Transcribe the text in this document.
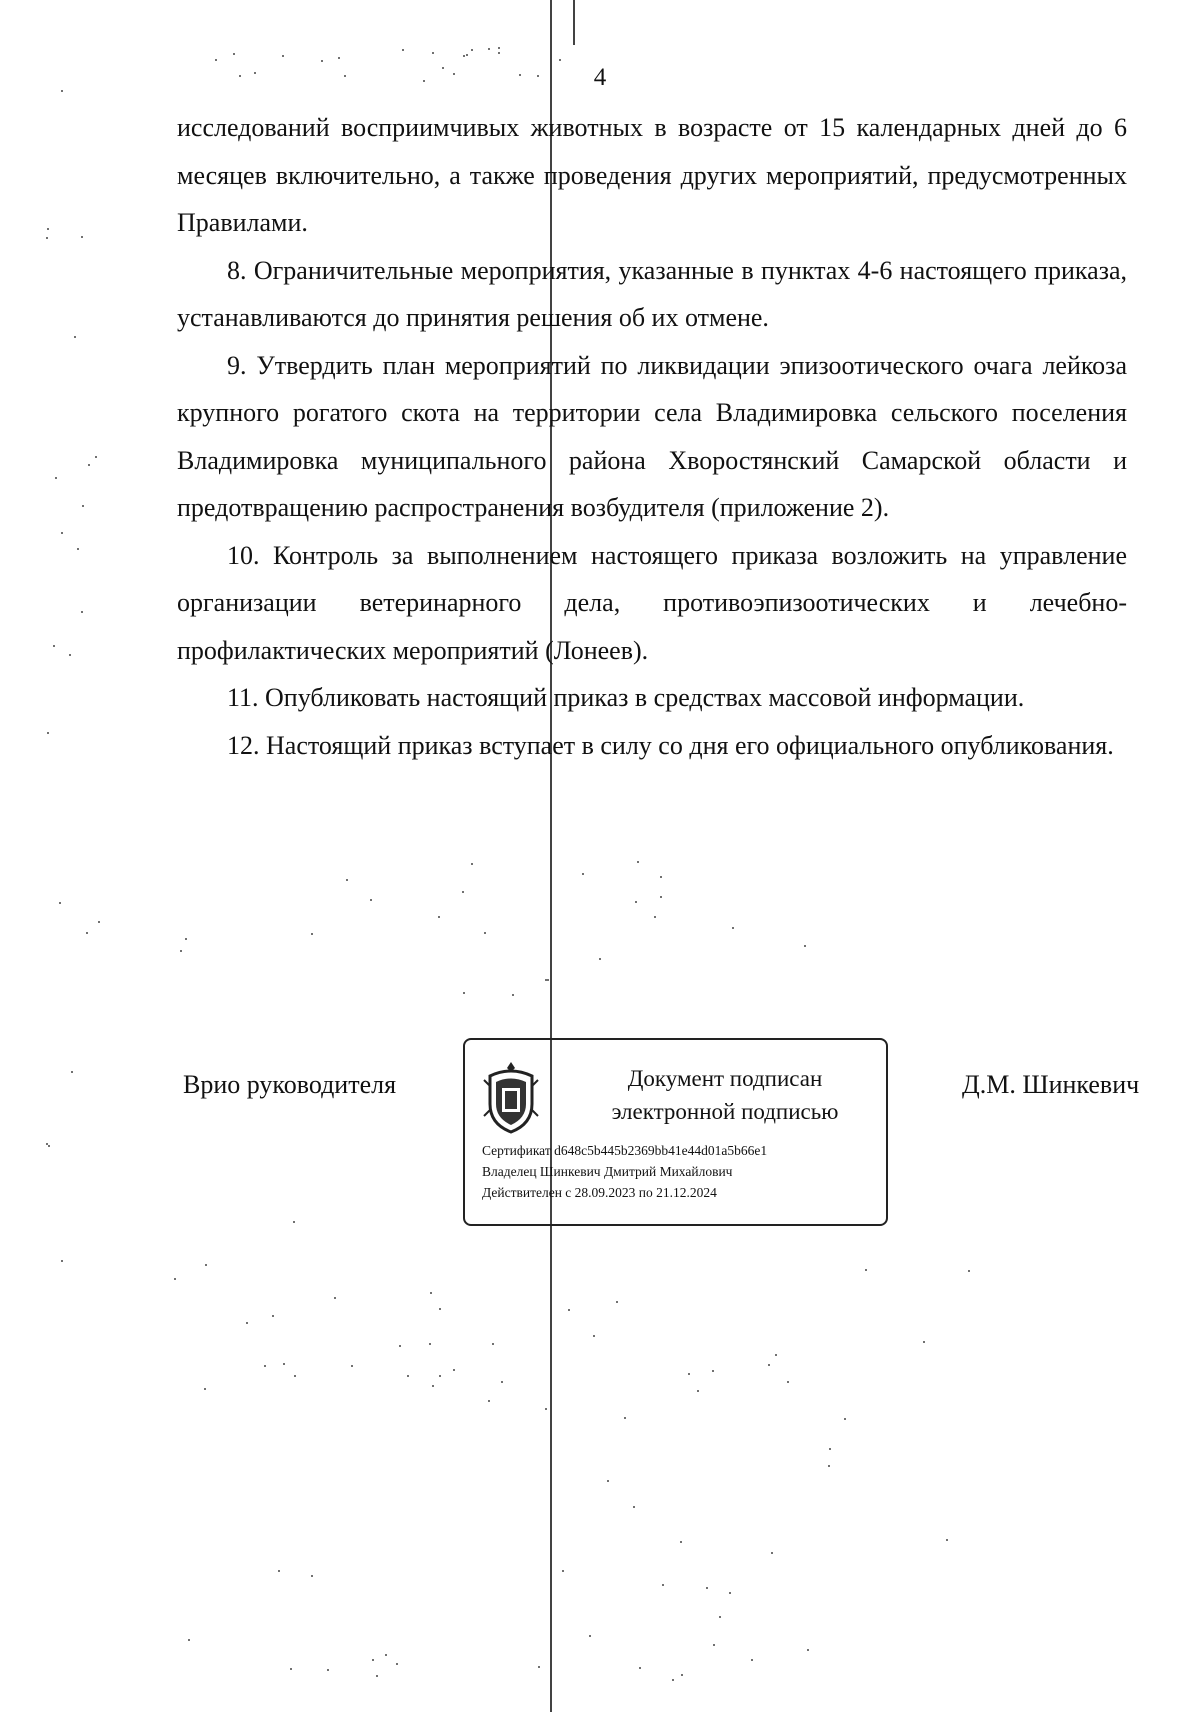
4

исследований восприимчивых животных в возрасте от 15 календарных дней до 6 месяцев включительно, а также проведения других мероприятий, предусмотренных Правилами.

8. Ограничительные мероприятия, указанные в пунктах 4-6 настоящего приказа, устанавливаются до принятия решения об их отмене.

9. Утвердить план мероприятий по ликвидации эпизоотического очага лейкоза крупного рогатого скота на территории села Владимировка сельского поселения Владимировка муниципального района Хворостянский Самарской области и предотвращению распространения возбудителя (приложение 2).

10. Контроль за выполнением настоящего приказа возложить на управление организации ветеринарного дела, противоэпизоотических и лечебно-профилактических мероприятий (Лонеев).

11. Опубликовать настоящий приказ в средствах массовой информации.

12. Настоящий приказ вступает в силу со дня его официального опубликования.

Врио руководителя	Документ подписан
электронной подписью
Сертификат d648c5b445b2369bb41e44d01a5b66e1
Владелец Шинкевич Дмитрий Михайлович
Действителен с 28.09.2023 по 21.12.2024
Д.М. Шинкевич
